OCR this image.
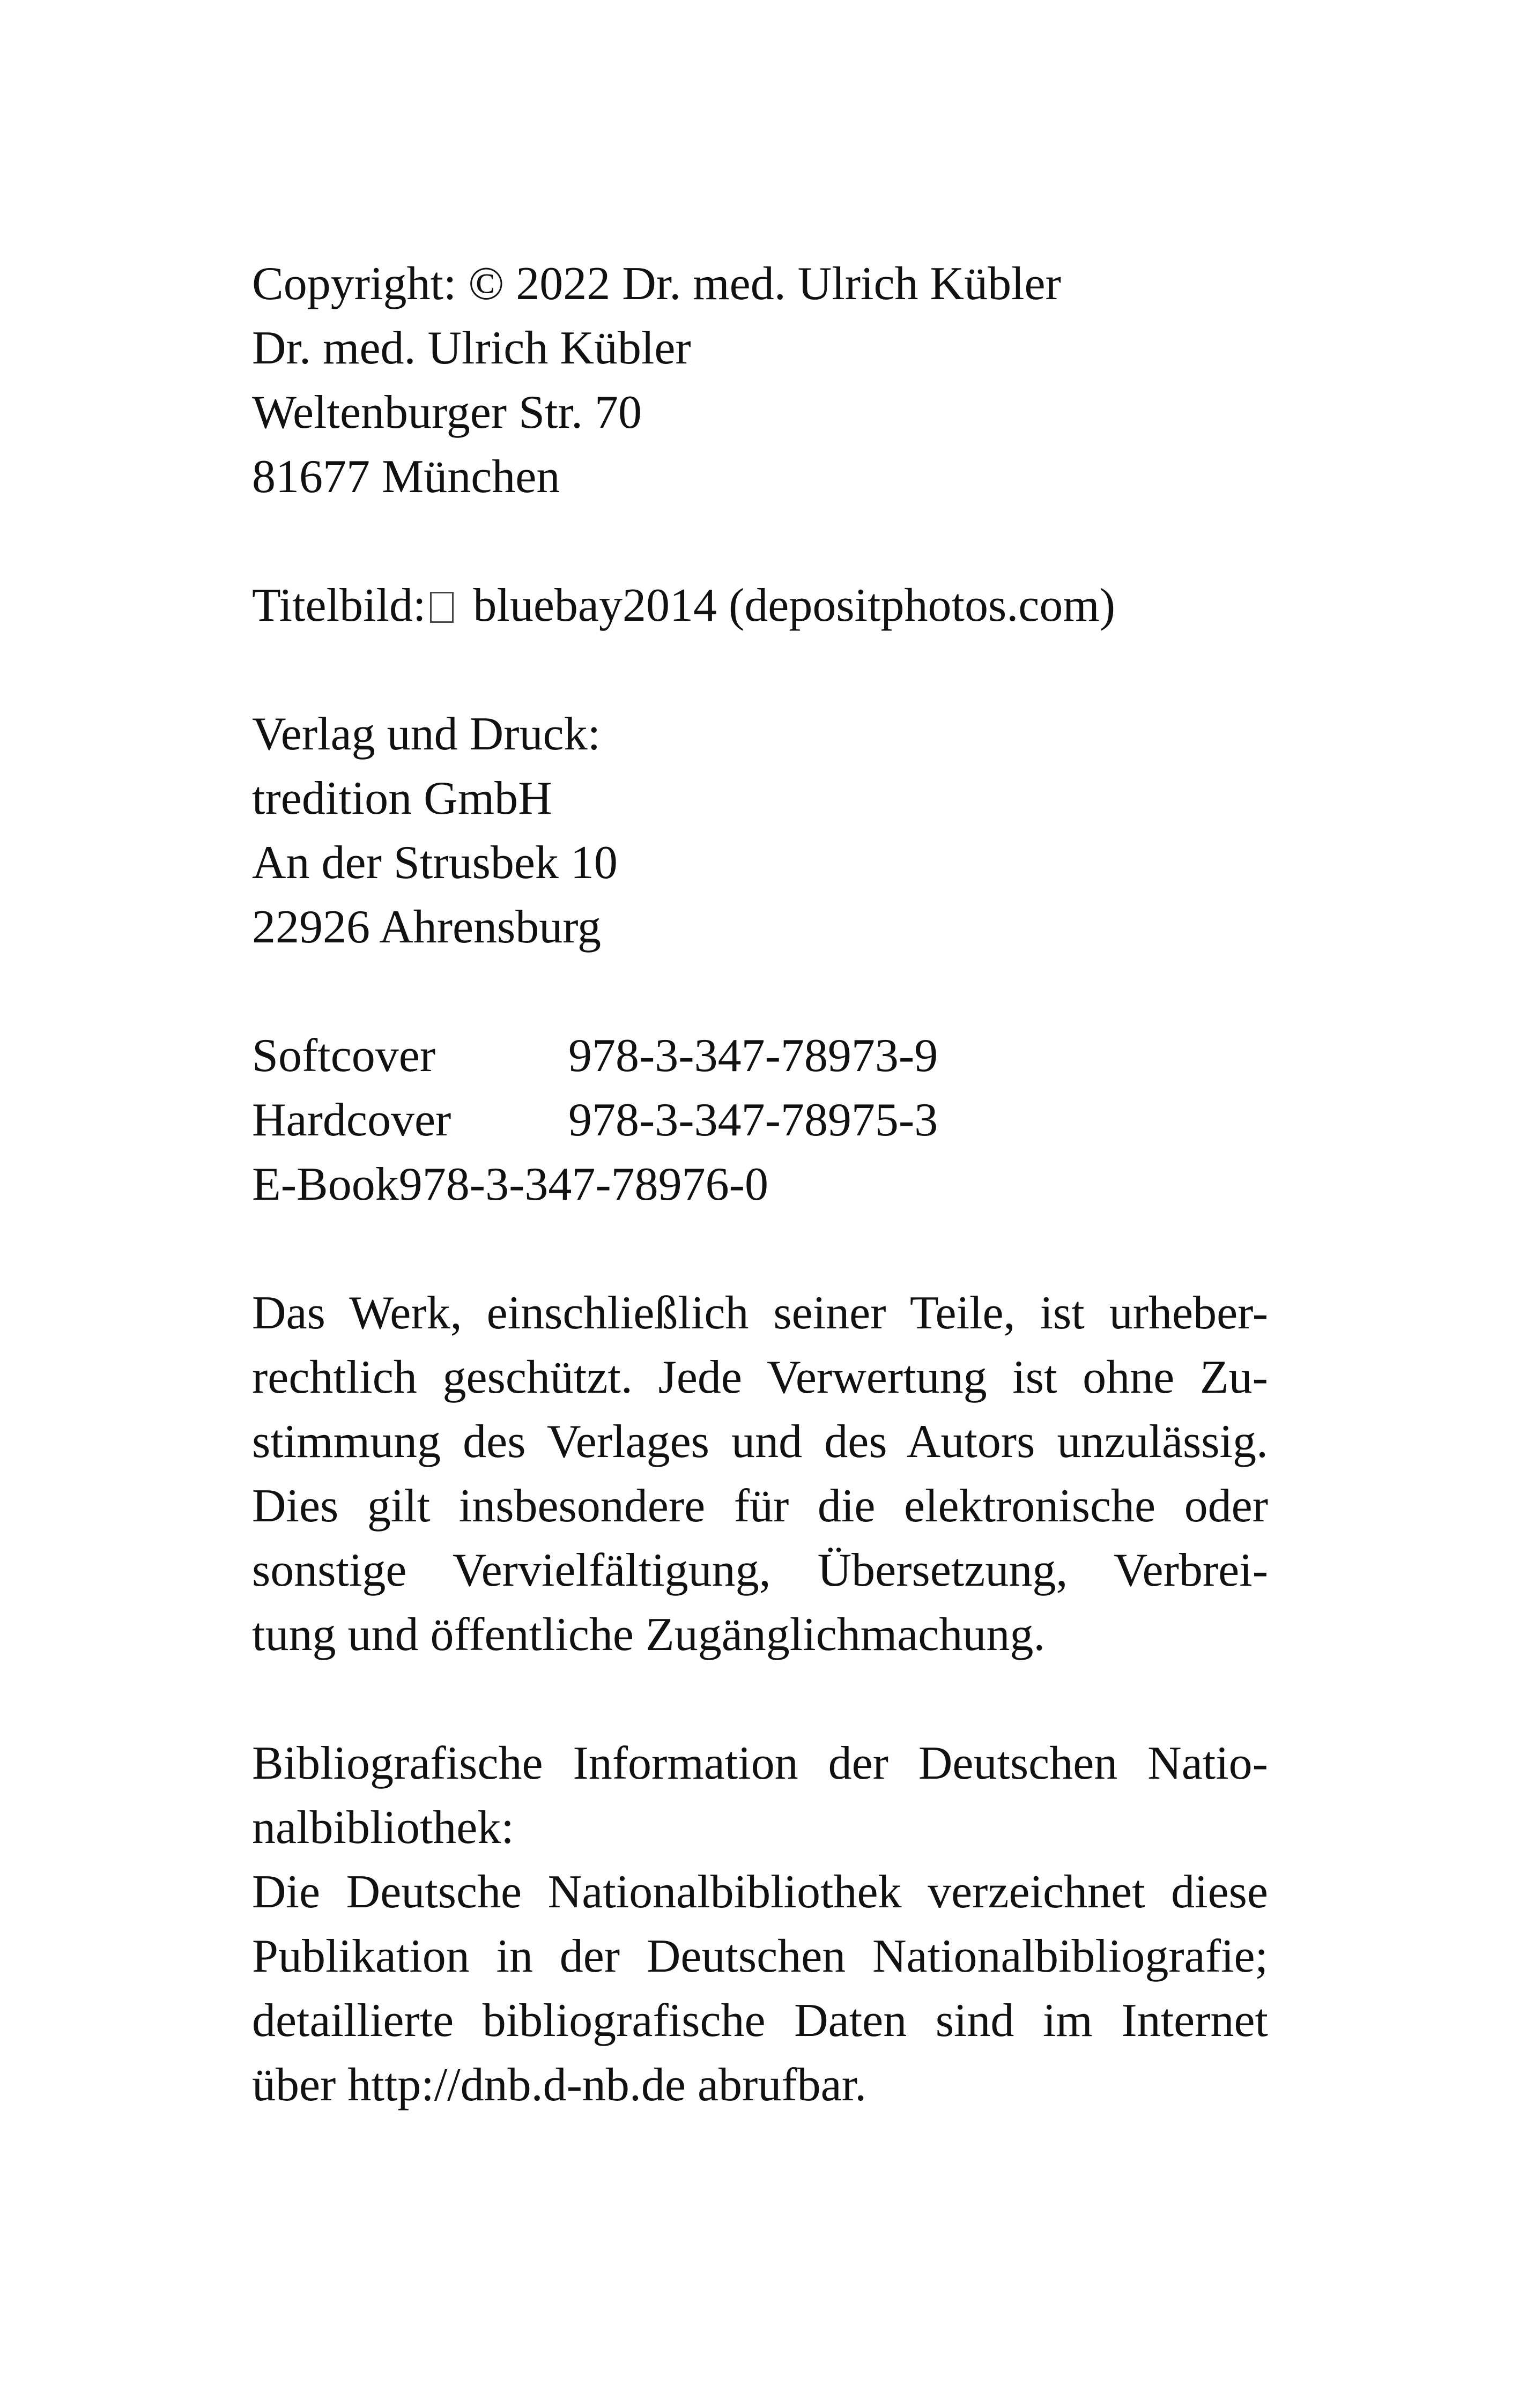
Copyright: © 2022 Dr. med. Ulrich Kübler
Dr. med. Ulrich Kübler
Weltenburger Str. 70
81677 München
Titelbild: bluebay2014 (depositphotos.com)
Verlag und Druck:
tredition GmbH
An der Strusbek 10
22926 Ahrensburg
Softcover	978-3-347-78973-9
Hardcover 978-3-347-78975-3
E-Book978-3-347-78976-0
Das Werk, einschließlich seiner Teile, ist urheber-
rechtlich geschützt. Jede Verwertung ist ohne Zu-
stimmung des Verlages und des Autors unzulässig.
Dies gilt insbesondere für die elektronische oder
sonstige Vervielfältigung, Übersetzung, Verbrei-
tung und öffentliche Zugänglichmachung.
Bibliografische Information der Deutschen Natio-
nalbibliothek:
Die Deutsche Nationalbibliothek verzeichnet diese
Publikation in der Deutschen Nationalbibliografie;
detaillierte bibliografische Daten sind im Internet
über http://dnb.d-nb.de abrufbar.
